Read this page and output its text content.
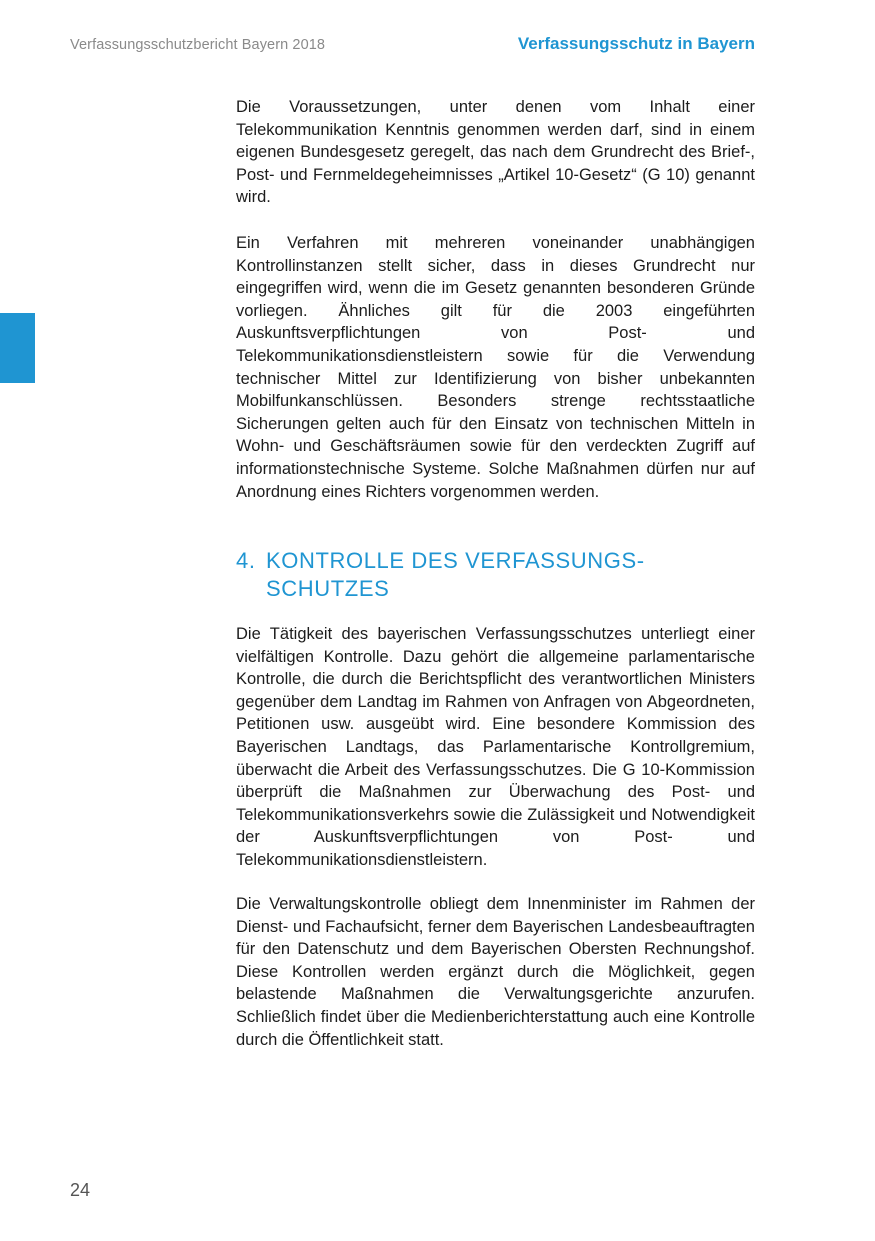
Verfassungsschutzbericht Bayern 2018	Verfassungsschutz in Bayern

Die Voraussetzungen, unter denen vom Inhalt einer Telekommunikation Kenntnis genommen werden darf, sind in einem eigenen Bundesgesetz geregelt, das nach dem Grundrecht des Brief-, Post- und Fernmeldegeheimnisses „Artikel 10-Gesetz“ (G 10) genannt wird.

Ein Verfahren mit mehreren voneinander unabhängigen Kontrollinstanzen stellt sicher, dass in dieses Grundrecht nur eingegriffen wird, wenn die im Gesetz genannten besonderen Gründe vorliegen. Ähnliches gilt für die 2003 eingeführten Auskunftsverpflichtungen von Post- und Telekommunikationsdienstleistern sowie für die Verwendung technischer Mittel zur Identifizierung von bisher unbekannten Mobilfunkanschlüssen. Besonders strenge rechtsstaatliche Sicherungen gelten auch für den Einsatz von technischen Mitteln in Wohn- und Geschäftsräumen sowie für den verdeckten Zugriff auf informationstechnische Systeme. Solche Maßnahmen dürfen nur auf Anordnung eines Richters vorgenommen werden.

4. KONTROLLE DES VERFASSUNGS-SCHUTZES

Die Tätigkeit des bayerischen Verfassungsschutzes unterliegt einer vielfältigen Kontrolle. Dazu gehört die allgemeine parlamentarische Kontrolle, die durch die Berichtspflicht des verantwortlichen Ministers gegenüber dem Landtag im Rahmen von Anfragen von Abgeordneten, Petitionen usw. ausgeübt wird. Eine besondere Kommission des Bayerischen Landtags, das Parlamentarische Kontrollgremium, überwacht die Arbeit des Verfassungsschutzes. Die G 10-Kommission überprüft die Maßnahmen zur Überwachung des Post- und Telekommunikationsverkehrs sowie die Zulässigkeit und Notwendigkeit der Auskunftsverpflichtungen von Post- und Telekommunikationsdienstleistern.

Die Verwaltungskontrolle obliegt dem Innenminister im Rahmen der Dienst- und Fachaufsicht, ferner dem Bayerischen Landesbeauftragten für den Datenschutz und dem Bayerischen Obersten Rechnungshof. Diese Kontrollen werden ergänzt durch die Möglichkeit, gegen belastende Maßnahmen die Verwaltungsgerichte anzurufen. Schließlich findet über die Medienberichterstattung auch eine Kontrolle durch die Öffentlichkeit statt.

24
